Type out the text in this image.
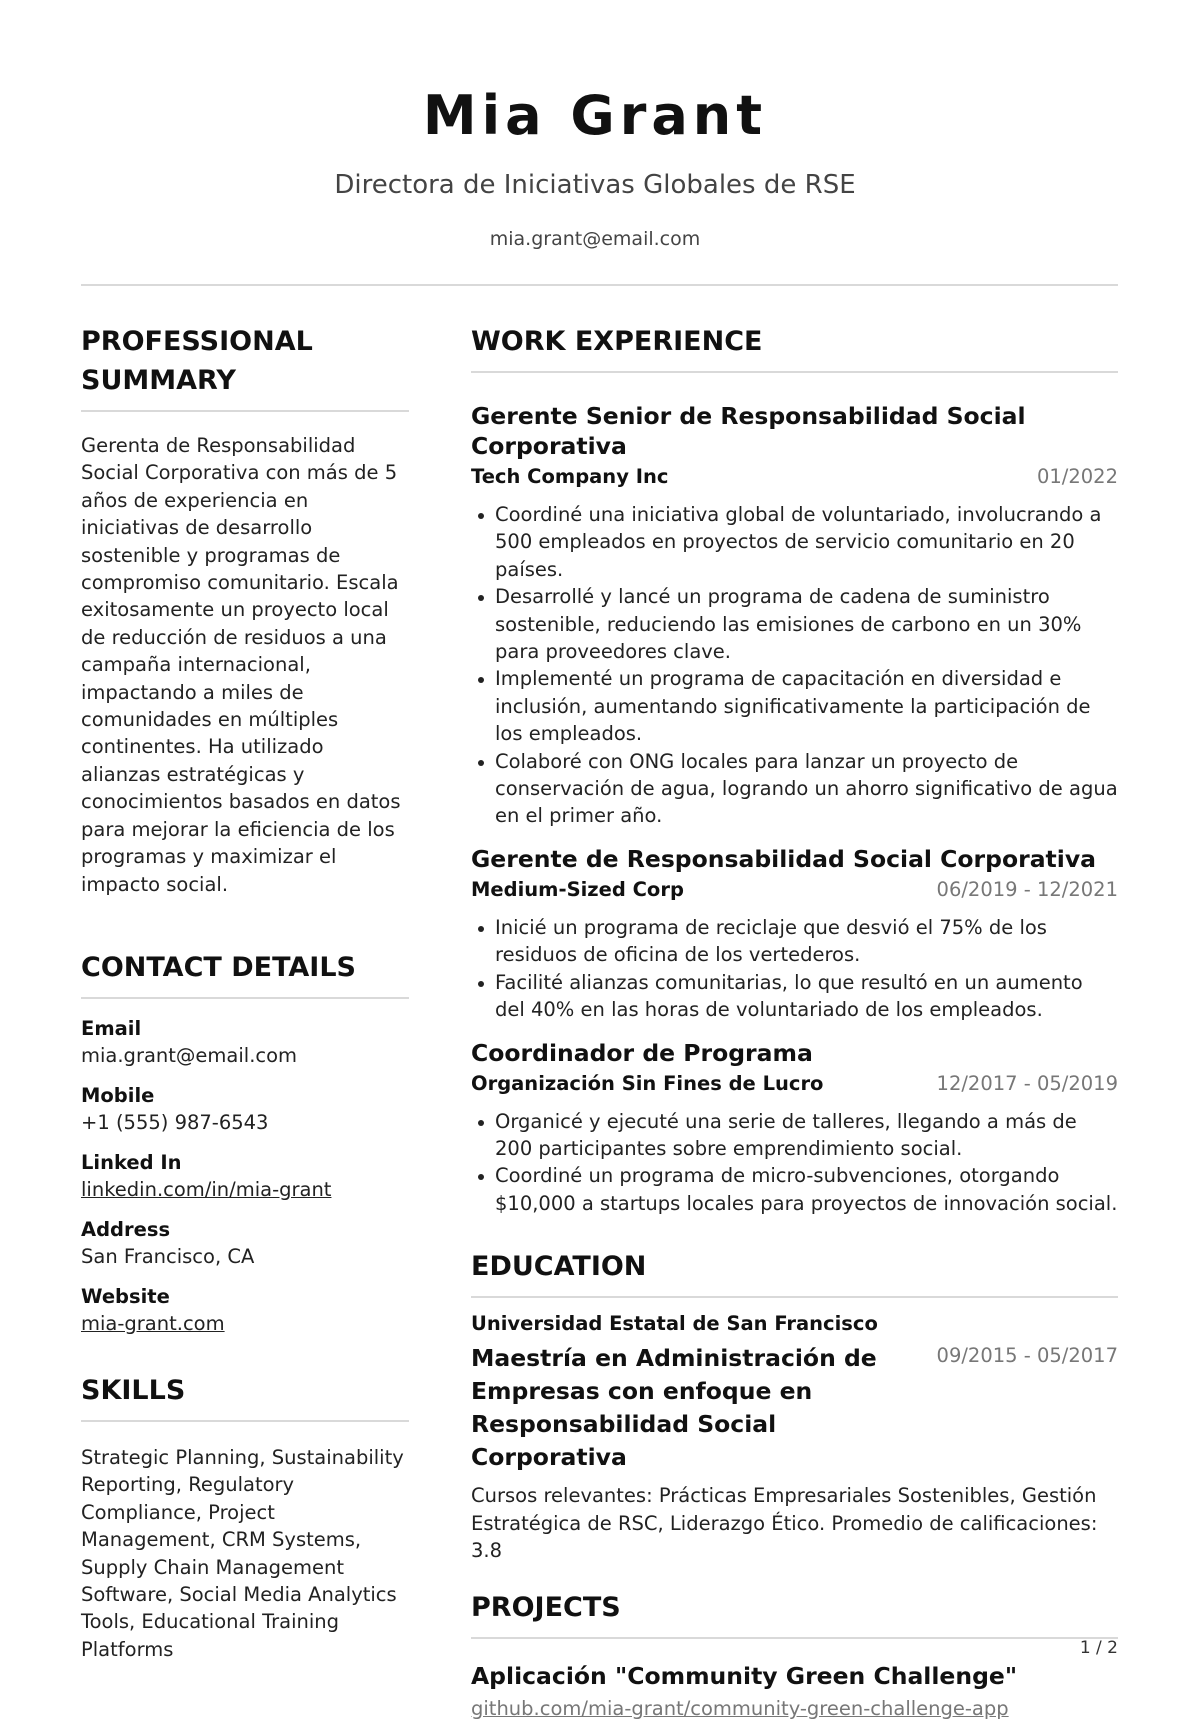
Mia Grant
Directora de Iniciativas Globales de RSE
mia.grant@email.com
PROFESSIONAL SUMMARY
Gerenta de Responsabilidad Social Corporativa con más de 5 años de experiencia en iniciativas de desarrollo sostenible y programas de compromiso comunitario. Escala exitosamente un proyecto local de reducción de residuos a una campaña internacional, impactando a miles de comunidades en múltiples continentes. Ha utilizado alianzas estratégicas y conocimientos basados en datos para mejorar la eficiencia de los programas y maximizar el impacto social.
CONTACT DETAILS
Email
mia.grant@email.com
Mobile
+1 (555) 987-6543
Linked In
linkedin.com/in/mia-grant
Address
San Francisco, CA
Website
mia-grant.com
SKILLS
Strategic Planning, Sustainability Reporting, Regulatory Compliance, Project Management, CRM Systems, Supply Chain Management Software, Social Media Analytics Tools, Educational Training Platforms
WORK EXPERIENCE
Gerente Senior de Responsabilidad Social Corporativa
Tech Company Inc	01/2022
Coordiné una iniciativa global de voluntariado, involucrando a 500 empleados en proyectos de servicio comunitario en 20 países.
Desarrollé y lancé un programa de cadena de suministro sostenible, reduciendo las emisiones de carbono en un 30% para proveedores clave.
Implementé un programa de capacitación en diversidad e inclusión, aumentando significativamente la participación de los empleados.
Colaboré con ONG locales para lanzar un proyecto de conservación de agua, logrando un ahorro significativo de agua en el primer año.
Gerente de Responsabilidad Social Corporativa
Medium-Sized Corp	06/2019 - 12/2021
Inicié un programa de reciclaje que desvió el 75% de los residuos de oficina de los vertederos.
Facilité alianzas comunitarias, lo que resultó en un aumento del 40% en las horas de voluntariado de los empleados.
Coordinador de Programa
Organización Sin Fines de Lucro	12/2017 - 05/2019
Organicé y ejecuté una serie de talleres, llegando a más de 200 participantes sobre emprendimiento social.
Coordiné un programa de micro-subvenciones, otorgando $10,000 a startups locales para proyectos de innovación social.
EDUCATION
Universidad Estatal de San Francisco
Maestría en Administración de Empresas con enfoque en Responsabilidad Social Corporativa
09/2015 - 05/2017
Cursos relevantes: Prácticas Empresariales Sostenibles, Gestión Estratégica de RSC, Liderazgo Ético. Promedio de calificaciones: 3.8
PROJECTS
Aplicación "Community Green Challenge"
github.com/mia-grant/community-green-challenge-app
1 / 2
